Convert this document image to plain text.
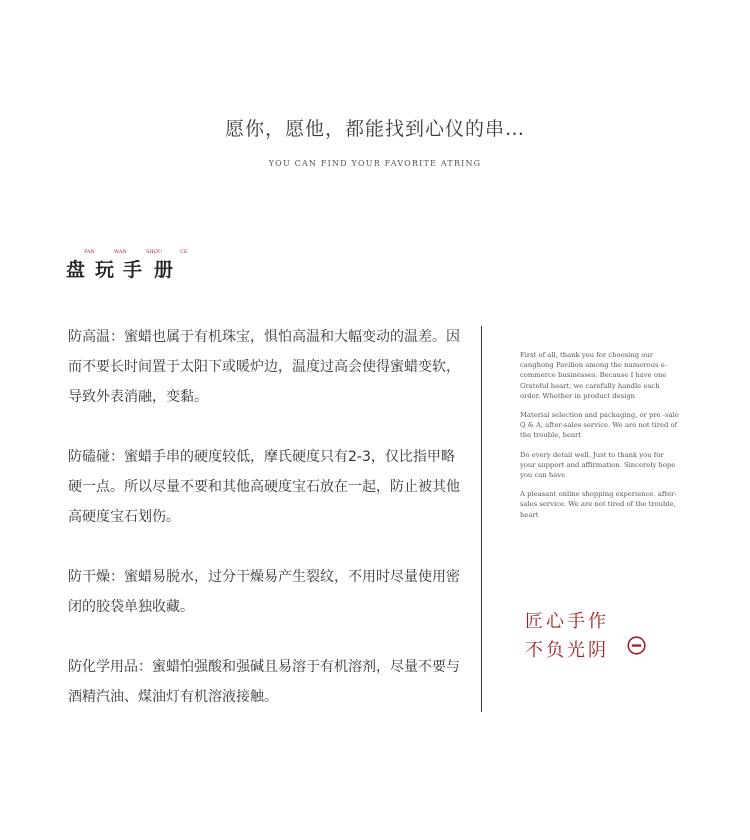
愿你，愿他，都能找到心仪的串…
YOU CAN FIND YOUR FAVORITE ATRING
盘
PAN
玩
WAN
手
SHOU
册
CE

防高温：蜜蜡也属于有机珠宝，惧怕高温和大幅变动的温差。因而不要长时间置于太阳下或暖炉边，温度过高会使得蜜蜡变软，导致外表消融，变黏。

防磕碰：蜜蜡手串的硬度较低，摩氏硬度只有2-3，仅比指甲略硬一点。所以尽量不要和其他高硬度宝石放在一起，防止被其他高硬度宝石划伤。

防干燥：蜜蜡易脱水，过分干燥易产生裂纹，不用时尽量使用密闭的胶袋单独收藏。

防化学用品：蜜蜡怕强酸和强碱且易溶于有机溶剂，尽量不要与酒精汽油、煤油灯有机溶液接触。

First of all, thank you for choosing our canghong Pavilion among the numerous e-commerce businesses. Because I have one Grateful heart, we carefully handle each order. Whether in product design

Material selection and packaging, or pre -sale Q & A, after-sales service. We are not tired of the trouble, heart

Do every detail well. Just to thank you for your support and affirmation. Sincerely hope you can have

A pleasant online shopping experience. after-sales service. We are not tired of the trouble, heart

匠心手作
不负光阴
